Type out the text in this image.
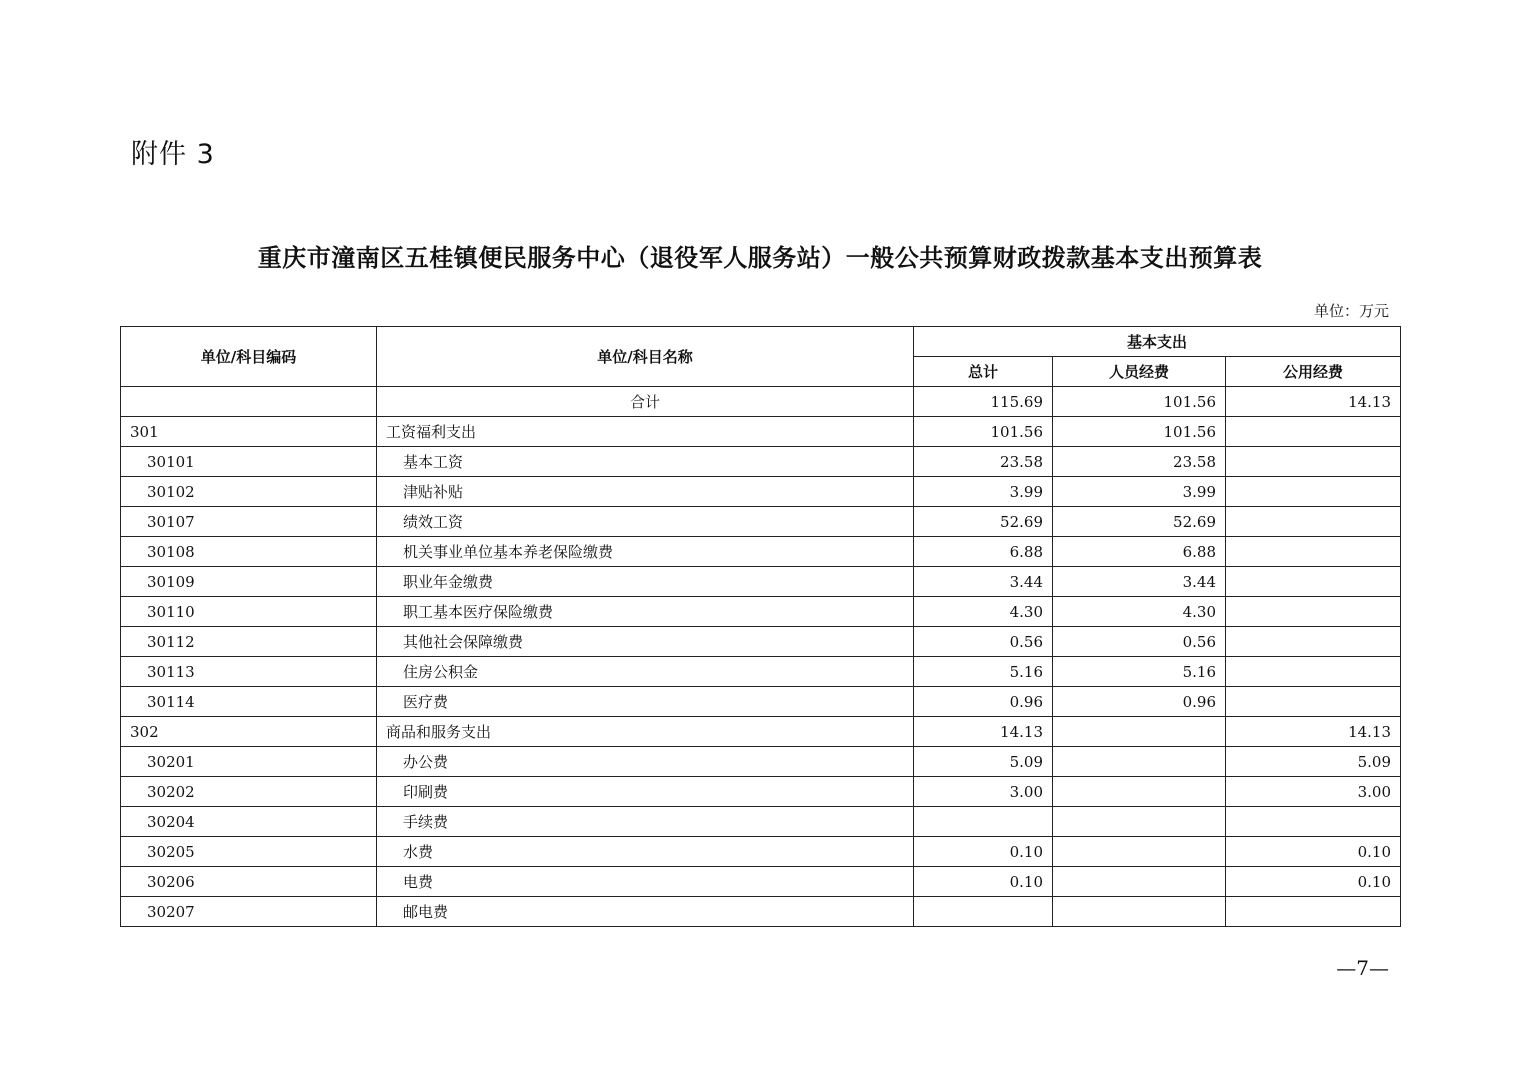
附件 3
重庆市潼南区五桂镇便民服务中心（退役军人服务站）一般公共预算财政拨款基本支出预算表
单位：万元
单位/科目编码	单位/科目名称	基本支出		
		总计	人员经费	公用经费
	合计	115.69	101.56	14.13
301	工资福利支出	101.56	101.56	
30101	基本工资	23.58	23.58	
30102	津贴补贴	3.99	3.99	
30107	绩效工资	52.69	52.69	
30108	机关事业单位基本养老保险缴费	6.88	6.88	
30109	职业年金缴费	3.44	3.44	
30110	职工基本医疗保险缴费	4.30	4.30	
30112	其他社会保障缴费	0.56	0.56	
30113	住房公积金	5.16	5.16	
30114	医疗费	0.96	0.96	
302	商品和服务支出	14.13		14.13
30201	办公费	5.09		5.09
30202	印刷费	3.00		3.00
30204	手续费			
30205	水费	0.10		0.10
30206	电费	0.10		0.10
30207	邮电费			
—7—
